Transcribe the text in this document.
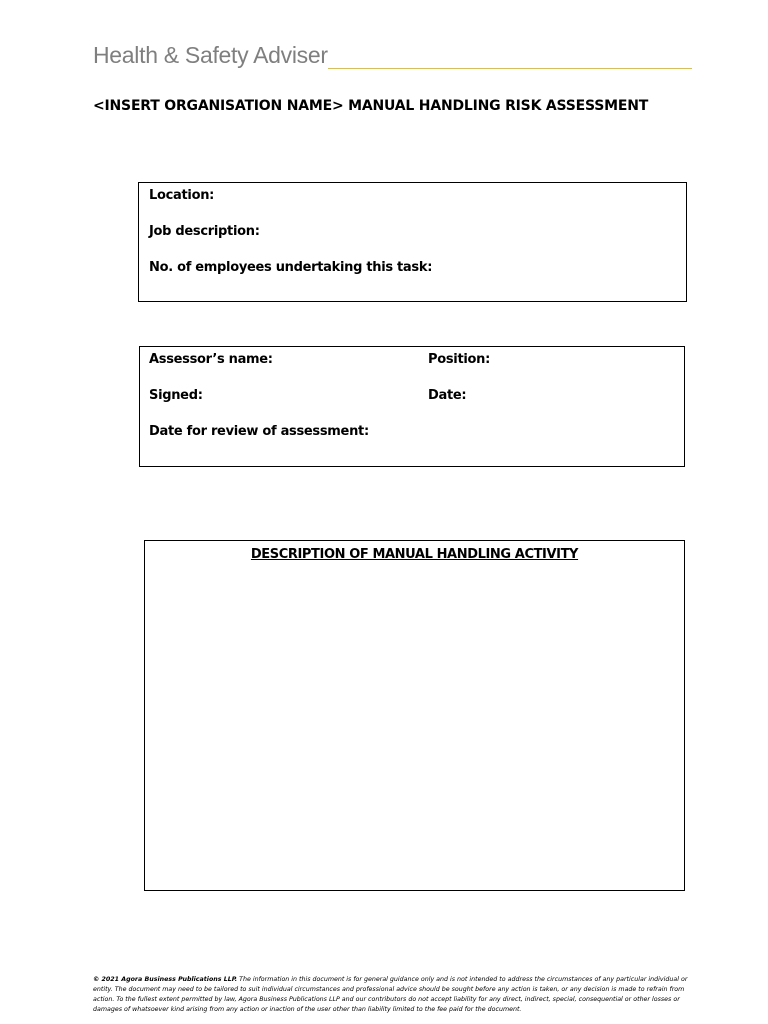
Health & Safety Adviser
<INSERT ORGANISATION NAME> MANUAL HANDLING RISK ASSESSMENT
Location:
Job description:
No. of employees undertaking this task:
Assessor’s name:	Position:
Signed:	Date:
Date for review of assessment:
DESCRIPTION OF MANUAL HANDLING ACTIVITY
© 2021 Agora Business Publications LLP. The information in this document is for general guidance only and is not intended to address the circumstances of any particular individual or entity. The document may need to be tailored to suit individual circumstances and professional advice should be sought before any action is taken, or any decision is made to refrain from action. To the fullest extent permitted by law, Agora Business Publications LLP and our contributors do not accept liability for any direct, indirect, special, consequential or other losses or damages of whatsoever kind arising from any action or inaction of the user other than liability limited to the fee paid for the document.
